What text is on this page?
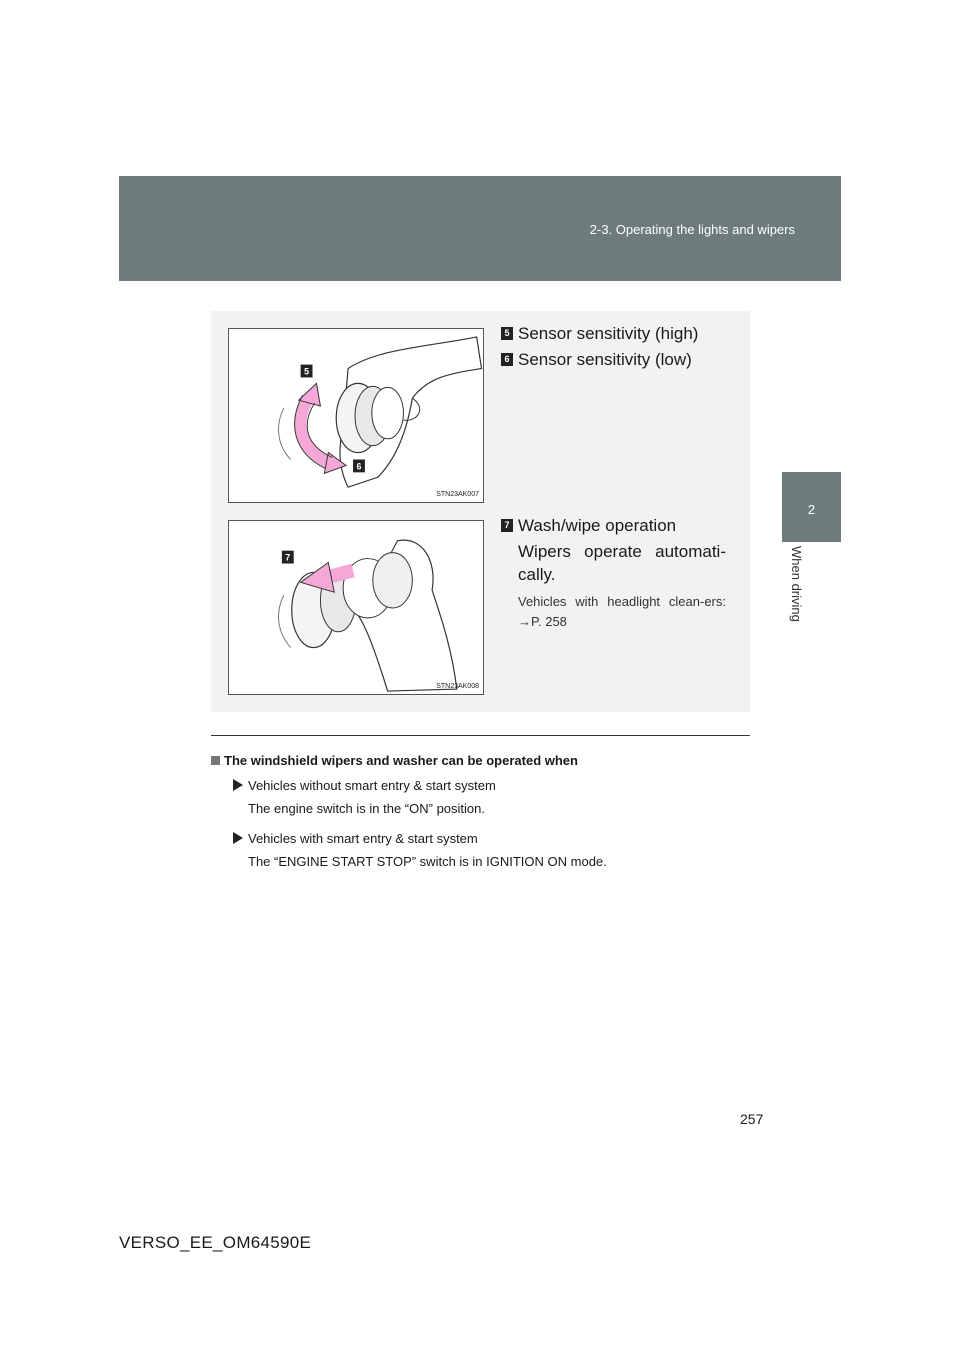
2-3. Operating the lights and wipers
2
When driving
5
6
STN23AK007
7
STN23AK008
5 Sensor sensitivity (high)
6 Sensor sensitivity (low)
7 Wash/wipe operation
Wipers operate automati-cally.
Vehicles with headlight clean-ers: →P. 258
The windshield wipers and washer can be operated when
Vehicles without smart entry & start system
The engine switch is in the “ON” position.
Vehicles with smart entry & start system
The “ENGINE START STOP” switch is in IGNITION ON mode.
257
VERSO_EE_OM64590E
